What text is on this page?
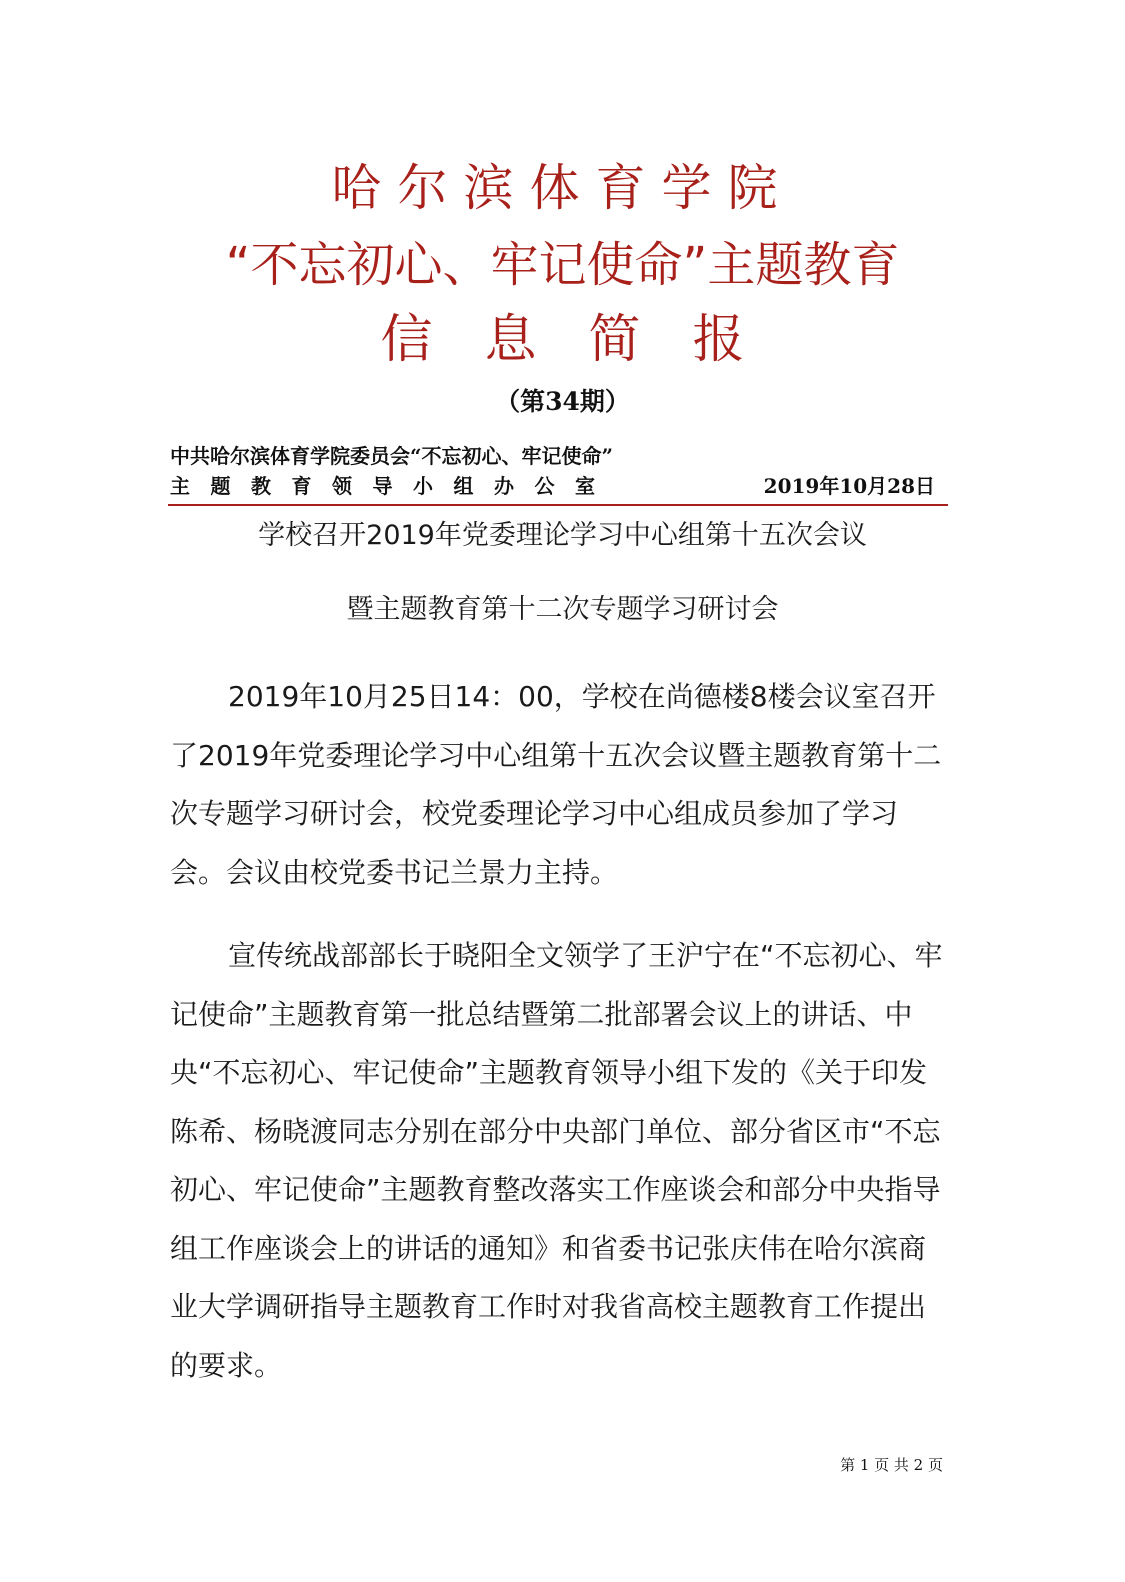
哈尔滨体育学院
“不忘初心、牢记使命”主题教育
信息简报
（第34期）
中共哈尔滨体育学院委员会“不忘初心、牢记使命”
主题教育领导小组办公室	2019年10月28日
学校召开2019年党委理论学习中心组第十五次会议
暨主题教育第十二次专题学习研讨会

2019年10月25日14：00，学校在尚德楼8楼会议室召开了2019年党委理论学习中心组第十五次会议暨主题教育第十二次专题学习研讨会，校党委理论学习中心组成员参加了学习会。会议由校党委书记兰景力主持。

宣传统战部部长于晓阳全文领学了王沪宁在“不忘初心、牢记使命”主题教育第一批总结暨第二批部署会议上的讲话、中央“不忘初心、牢记使命”主题教育领导小组下发的《关于印发陈希、杨晓渡同志分别在部分中央部门单位、部分省区市“不忘初心、牢记使命”主题教育整改落实工作座谈会和部分中央指导组工作座谈会上的讲话的通知》和省委书记张庆伟在哈尔滨商业大学调研指导主题教育工作时对我省高校主题教育工作提出的要求。

第 1 页 共 2 页
